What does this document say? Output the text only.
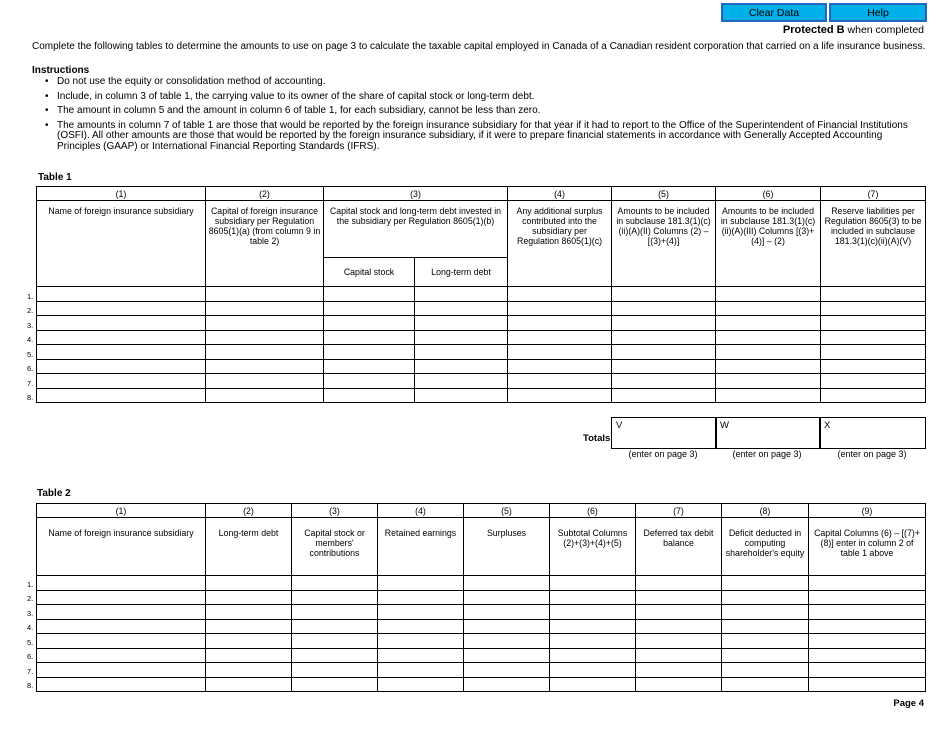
Clear Data	Help
Protected B when completed
Complete the following tables to determine the amounts to use on page 3 to calculate the taxable capital employed in Canada of a Canadian resident corporation that carried on a life insurance business.
Instructions
• Do not use the equity or consolidation method of accounting.
• Include, in column 3 of table 1, the carrying value to its owner of the share of capital stock or long-term debt.
• The amount in column 5 and the amount in column 6 of table 1, for each subsidiary, cannot be less than zero.
• The amounts in column 7 of table 1 are those that would be reported by the foreign insurance subsidiary for that year if it had to report to the Office of the Superintendent of Financial Institutions (OSFI). All other amounts are those that would be reported by the foreign insurance subsidiary, if it were to prepare financial statements in accordance with Generally Accepted Accounting Principles (GAAP) or International Financial Reporting Standards (IFRS).
Table 1
(1)	(2)	(3)		(4)	(5)	(6)	(7)
Name of foreign insurance subsidiary	Capital of foreign insurance subsidiary per Regulation 8605(1)(a) (from column 9 in table 2)	Capital stock and long-term debt invested in the subsidiary per Regulation 8605(1)(b)		Any additional surplus contributed into the subsidiary per Regulation 8605(1)(c)	Amounts to be included in subclause 181.3(1)(c)(ii)(A)(II) Columns (2) – [(3)+(4)]	Amounts to be included in subclause 181.3(1)(c)(ii)(A)(III) Columns [(3)+(4)] – (2)	Reserve liabilities per Regulation 8605(3) to be included in subclause 181.3(1)(c)(ii)(A)(V)
		Capital stock	Long-term debt				

1.
2.
3.
4.
5.
6.
7.
8.
Totals
V	W	X
(enter on page 3)	(enter on page 3)	(enter on page 3)
Table 2
(1)	(2)	(3)	(4)	(5)	(6)	(7)	(8)	(9)
Name of foreign insurance subsidiary	Long-term debt	Capital stock or members' contributions	Retained earnings	Surpluses	Subtotal Columns (2)+(3)+(4)+(5)	Deferred tax debit balance	Deficit deducted in computing shareholder's equity	Capital Columns (6) – [(7)+(8)] enter in column 2 of table 1 above

1.
2.
3.
4.
5.
6.
7.
8.
Page 4
